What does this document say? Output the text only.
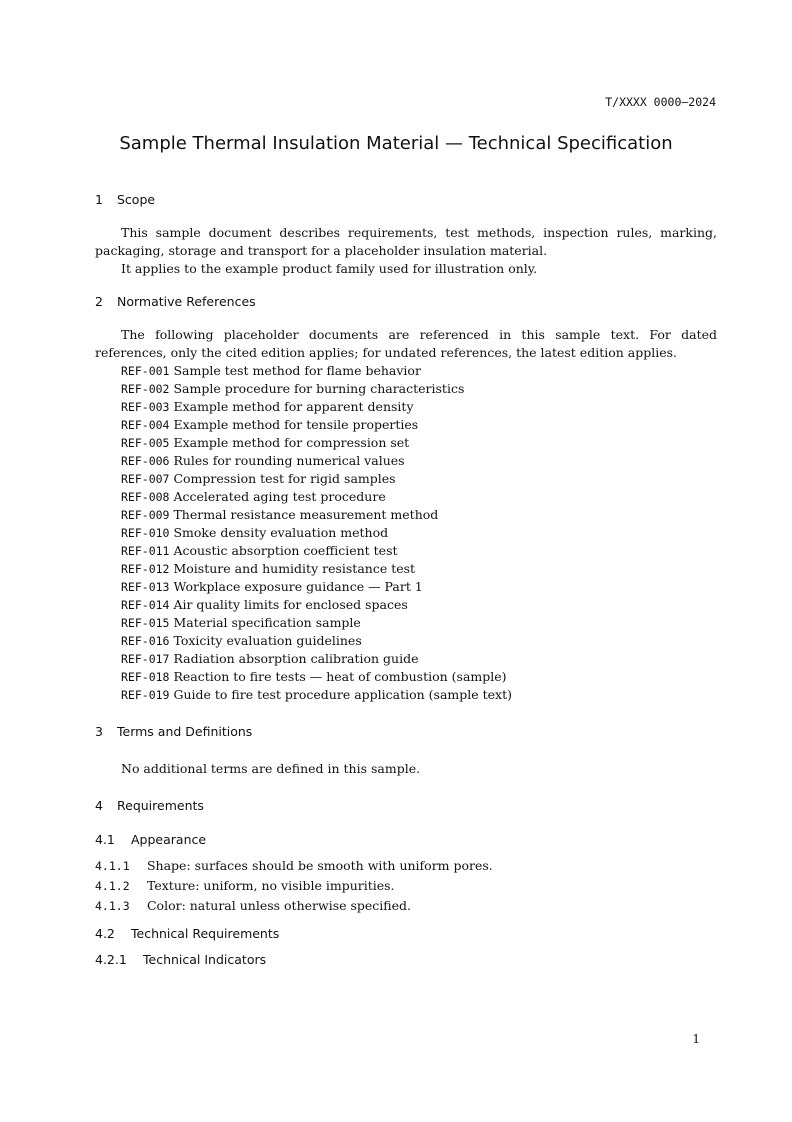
T/XXXX 0000—2024
Sample Thermal Insulation Material — Technical Specification
1 Scope

This sample document describes requirements, test methods, inspection rules, marking, packaging, storage and transport for a placeholder insulation material.

It applies to the example product family used for illustration only.

2 Normative References

The following placeholder documents are referenced in this sample text. For dated references, only the cited edition applies; for undated references, the latest edition applies.

REF-001 Sample test method for flame behavior

REF-002 Sample procedure for burning characteristics

REF-003 Example method for apparent density

REF-004 Example method for tensile properties

REF-005 Example method for compression set

REF-006 Rules for rounding numerical values

REF-007 Compression test for rigid samples

REF-008 Accelerated aging test procedure

REF-009 Thermal resistance measurement method

REF-010 Smoke density evaluation method

REF-011 Acoustic absorption coefficient test

REF-012 Moisture and humidity resistance test

REF-013 Workplace exposure guidance — Part 1

REF-014 Air quality limits for enclosed spaces

REF-015 Material specification sample

REF-016 Toxicity evaluation guidelines

REF-017 Radiation absorption calibration guide

REF-018 Reaction to fire tests — heat of combustion (sample)

REF-019 Guide to fire test procedure application (sample text)

3 Terms and Definitions

No additional terms are defined in this sample.

4 Requirements
4.1 Appearance

4.1.1 Shape: surfaces should be smooth with uniform pores.

4.1.2 Texture: uniform, no visible impurities.

4.1.3 Color: natural unless otherwise specified.

4.2 Technical Requirements
4.2.1 Technical Indicators
1
